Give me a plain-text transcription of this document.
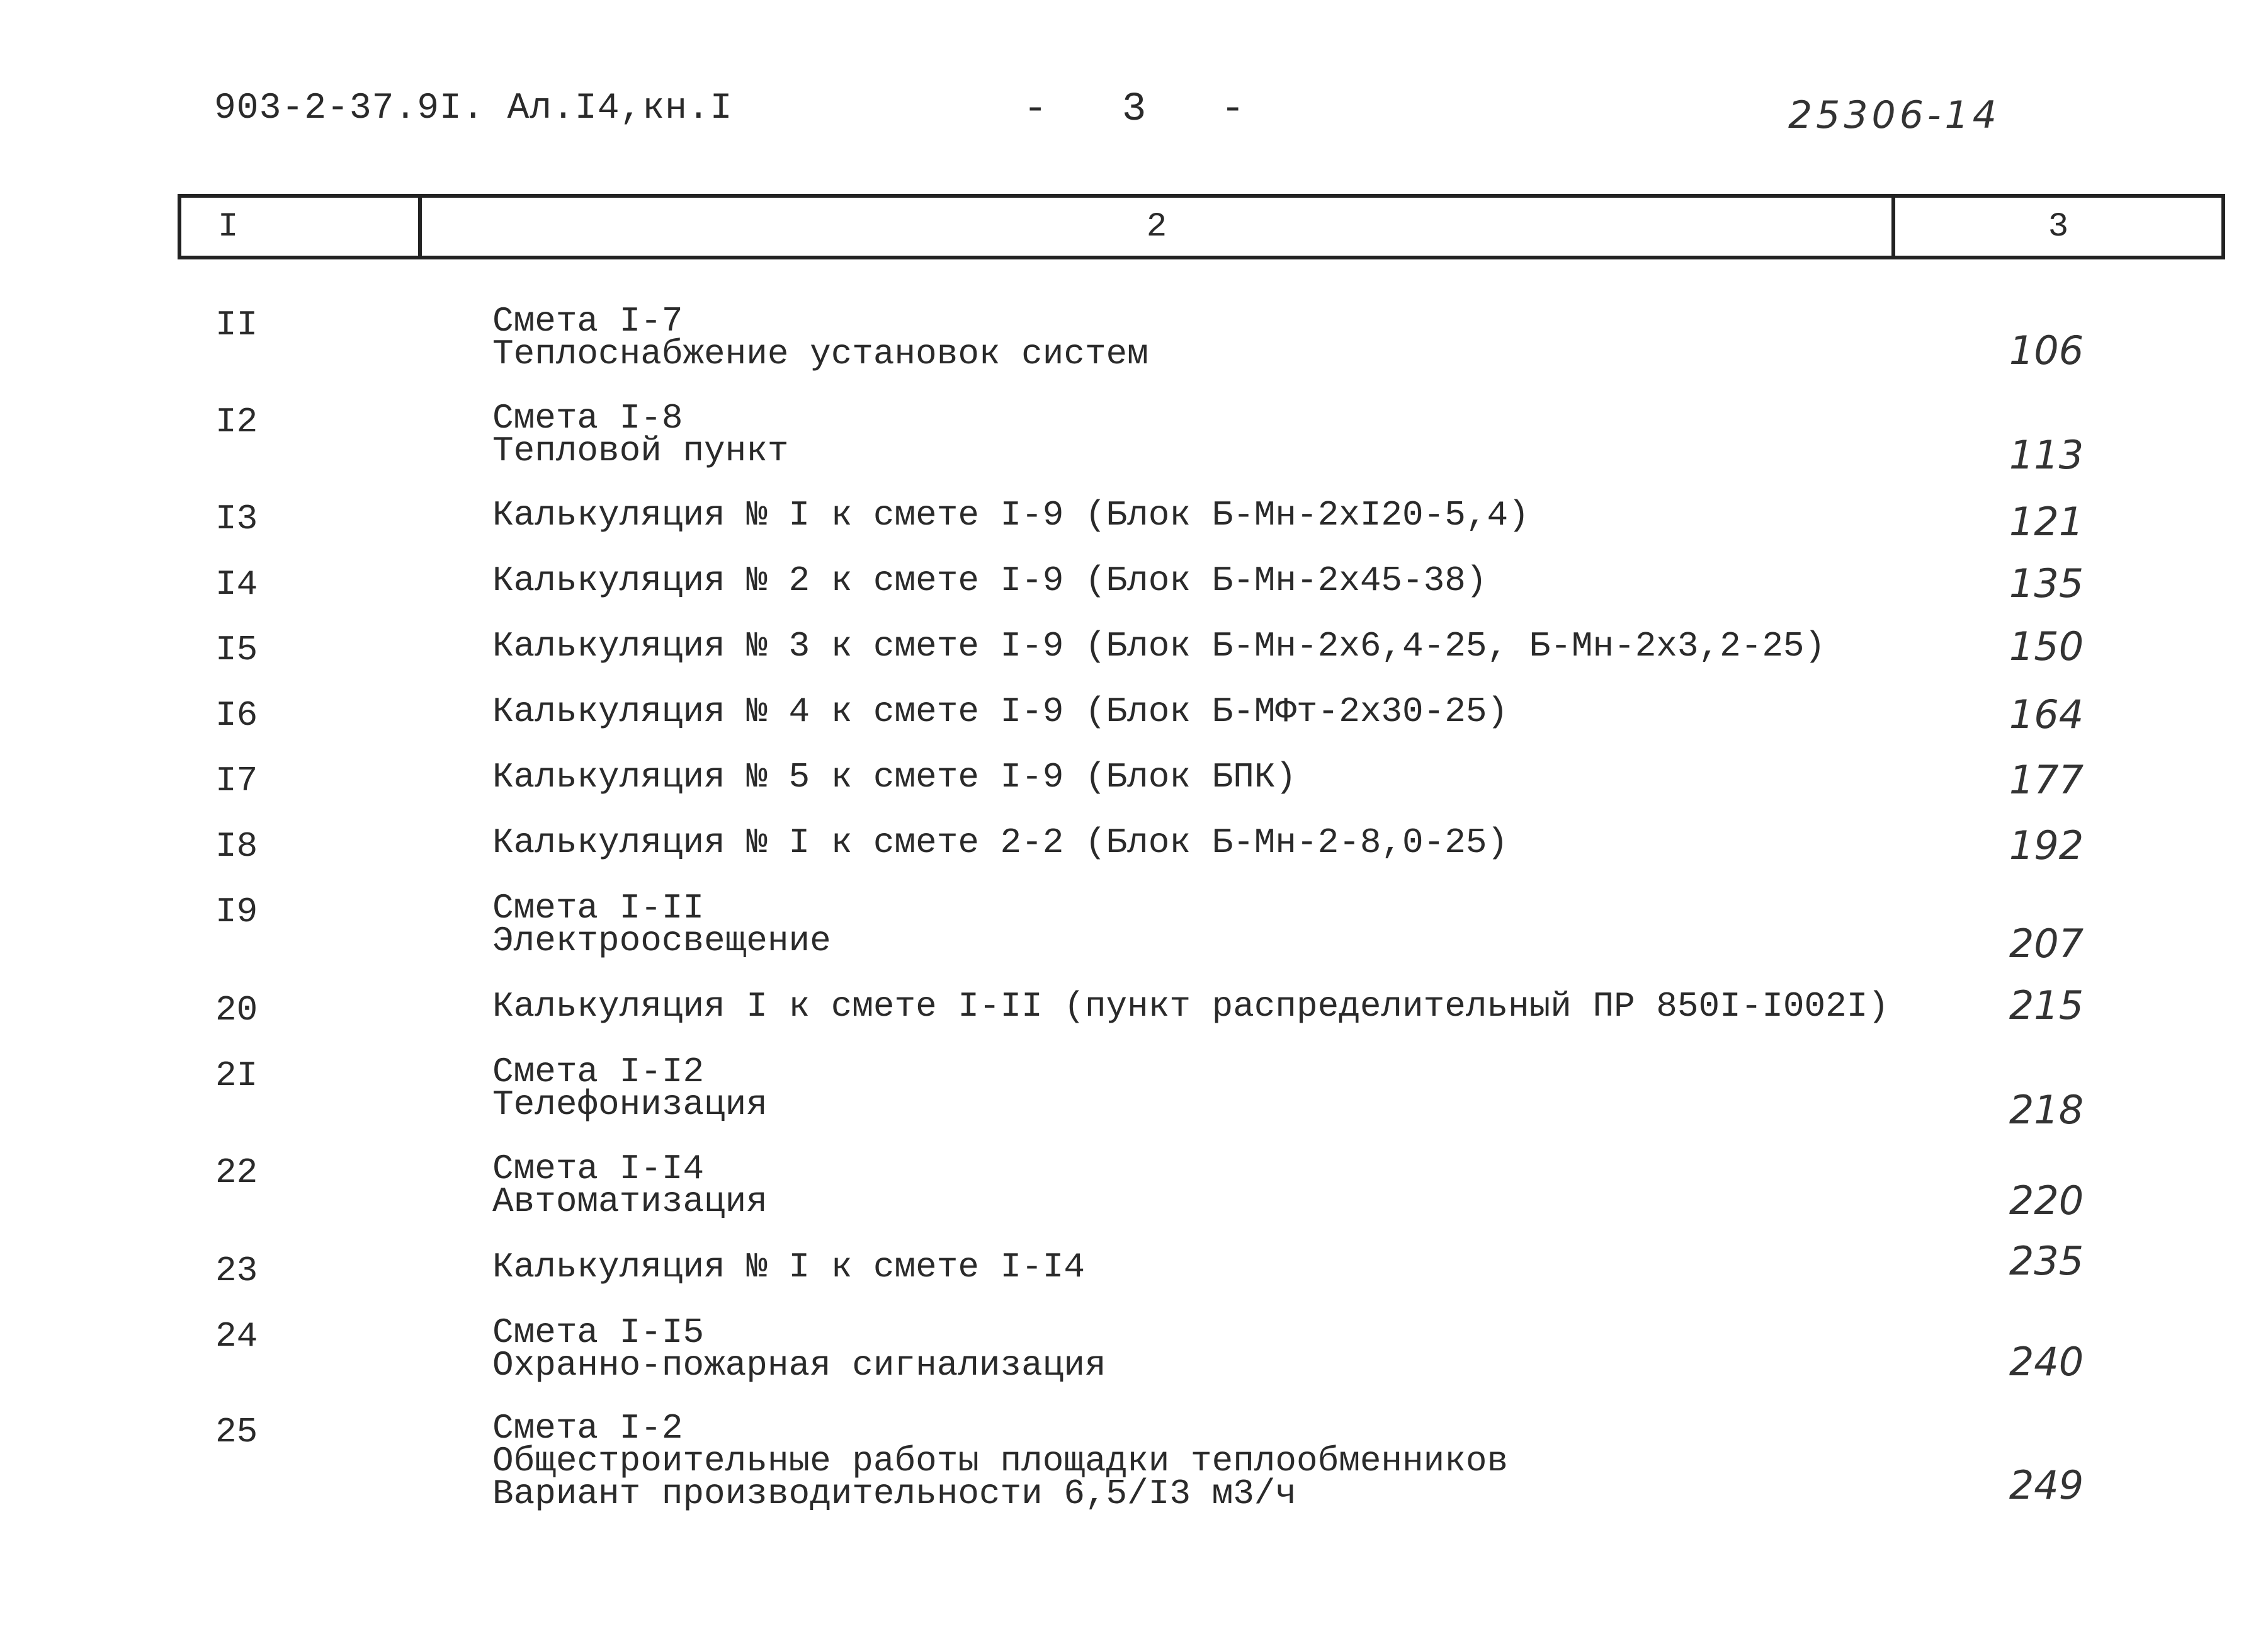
903-2-37.9I. Ал.I4,кн.I	- 3 -	25306-14
I	2	3
II	Смета I-7
Теплоснабжение установок систем	106
I2	Смета I-8
Тепловой пункт	113
I3	Калькуляция № I к смете I-9 (Блок Б-Мн-2хI20-5,4)	121
I4	Калькуляция № 2 к смете I-9 (Блок Б-Мн-2х45-38)	135
I5	Калькуляция № 3 к смете I-9 (Блок Б-Мн-2х6,4-25, Б-Мн-2х3,2-25)	150
I6	Калькуляция № 4 к смете I-9 (Блок Б-МФт-2х30-25)	164
I7	Калькуляция № 5 к смете I-9 (Блок БПК)	177
I8	Калькуляция № I к смете 2-2 (Блок Б-Мн-2-8,0-25)	192
I9	Смета I-II
Электроосвещение	207
20	Калькуляция I к смете I-II (пункт распределительный ПР 850I-I002I)	215
2I	Смета I-I2
Телефонизация	218
22	Смета I-I4
Автоматизация	220
23	Калькуляция № I к смете I-I4	235
24	Смета I-I5
Охранно-пожарная сигнализация	240
25	Смета I-2
Общестроительные работы площадки теплообменников
Вариант производительности 6,5/I3 м3/ч	249
